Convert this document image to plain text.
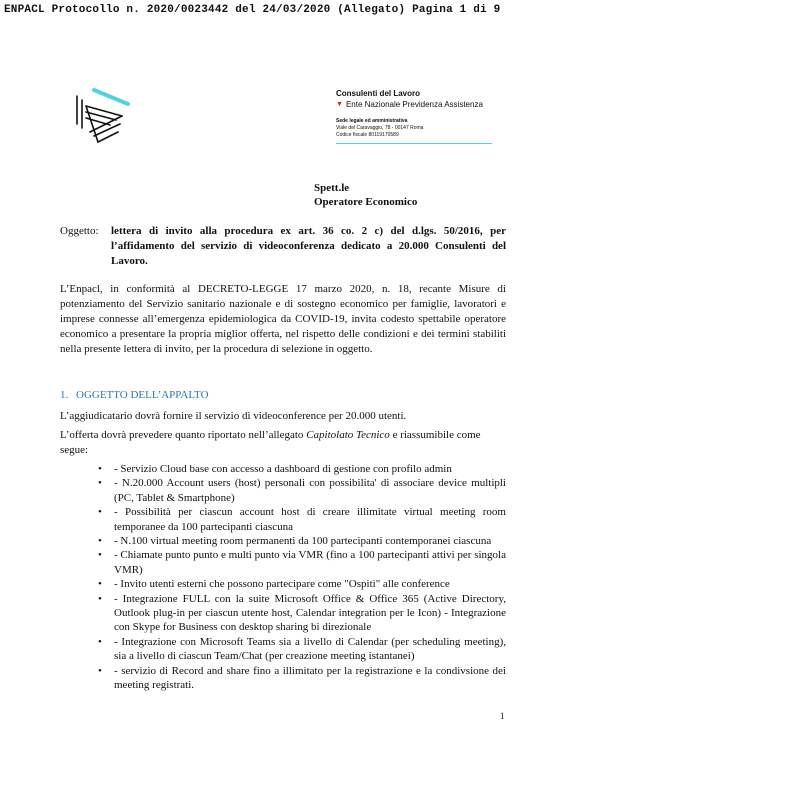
ENPACL Protocollo n. 2020/0023442 del 24/03/2020 (Allegato) Pagina 1 di 9
Consulenti del Lavoro
▼ Ente Nazionale Previdenza Assistenza
Sede legale ed amministrativa
Viale del Caravaggio, 78 - 00147 Roma
Codice fiscale 80119170589
Spett.le
Operatore Economico
Oggetto: lettera di invito alla procedura ex art. 36 co. 2 c) del d.lgs. 50/2016, per l’affidamento del servizio di videoconferenza dedicato a 20.000 Consulenti del Lavoro.
L’Enpacl, in conformità al DECRETO-LEGGE 17 marzo 2020, n. 18, recante Misure di potenziamento del Servizio sanitario nazionale e di sostegno economico per famiglie, lavoratori e imprese connesse all’emergenza epidemiologica da COVID-19, invita codesto spettabile operatore economico a presentare la propria miglior offerta, nel rispetto delle condizioni e dei termini stabiliti nella presente lettera di invito, per la procedura di selezione in oggetto.
1. OGGETTO DELL’APPALTO
L’aggiudicatario dovrà fornire il servizio di videoconference per 20.000 utenti.
L’offerta dovrà prevedere quanto riportato nell’allegato Capitolato Tecnico e riassumibile come segue:
• - Servizio Cloud base con accesso a dashboard di gestione con profilo admin
• - N.20.000 Account users (host) personali con possibilita' di associare device multipli (PC, Tablet & Smartphone)
• - Possibilità per ciascun account host di creare illimitate virtual meeting room temporanee da 100 partecipanti ciascuna
• - N.100 virtual meeting room permanenti da 100 partecipanti contemporanei ciascuna
• - Chiamate punto punto e multi punto via VMR (fino a 100 partecipanti attivi per singola VMR)
• - Invito utenti esterni che possono partecipare come "Ospiti" alle conference
• - Integrazione FULL con la suite Microsoft Office & Office 365 (Active Directory, Outlook plug-in per ciascun utente host, Calendar integration per le Icon) - Integrazione con Skype for Business con desktop sharing bi direzionale
• - Integrazione con Microsoft Teams sia a livello di Calendar (per scheduling meeting), sia a livello di ciascun Team/Chat (per creazione meeting istantanei)
• - servizio di Record and share fino a illimitato per la registrazione e la condivsione dei meeting registrati.
1
